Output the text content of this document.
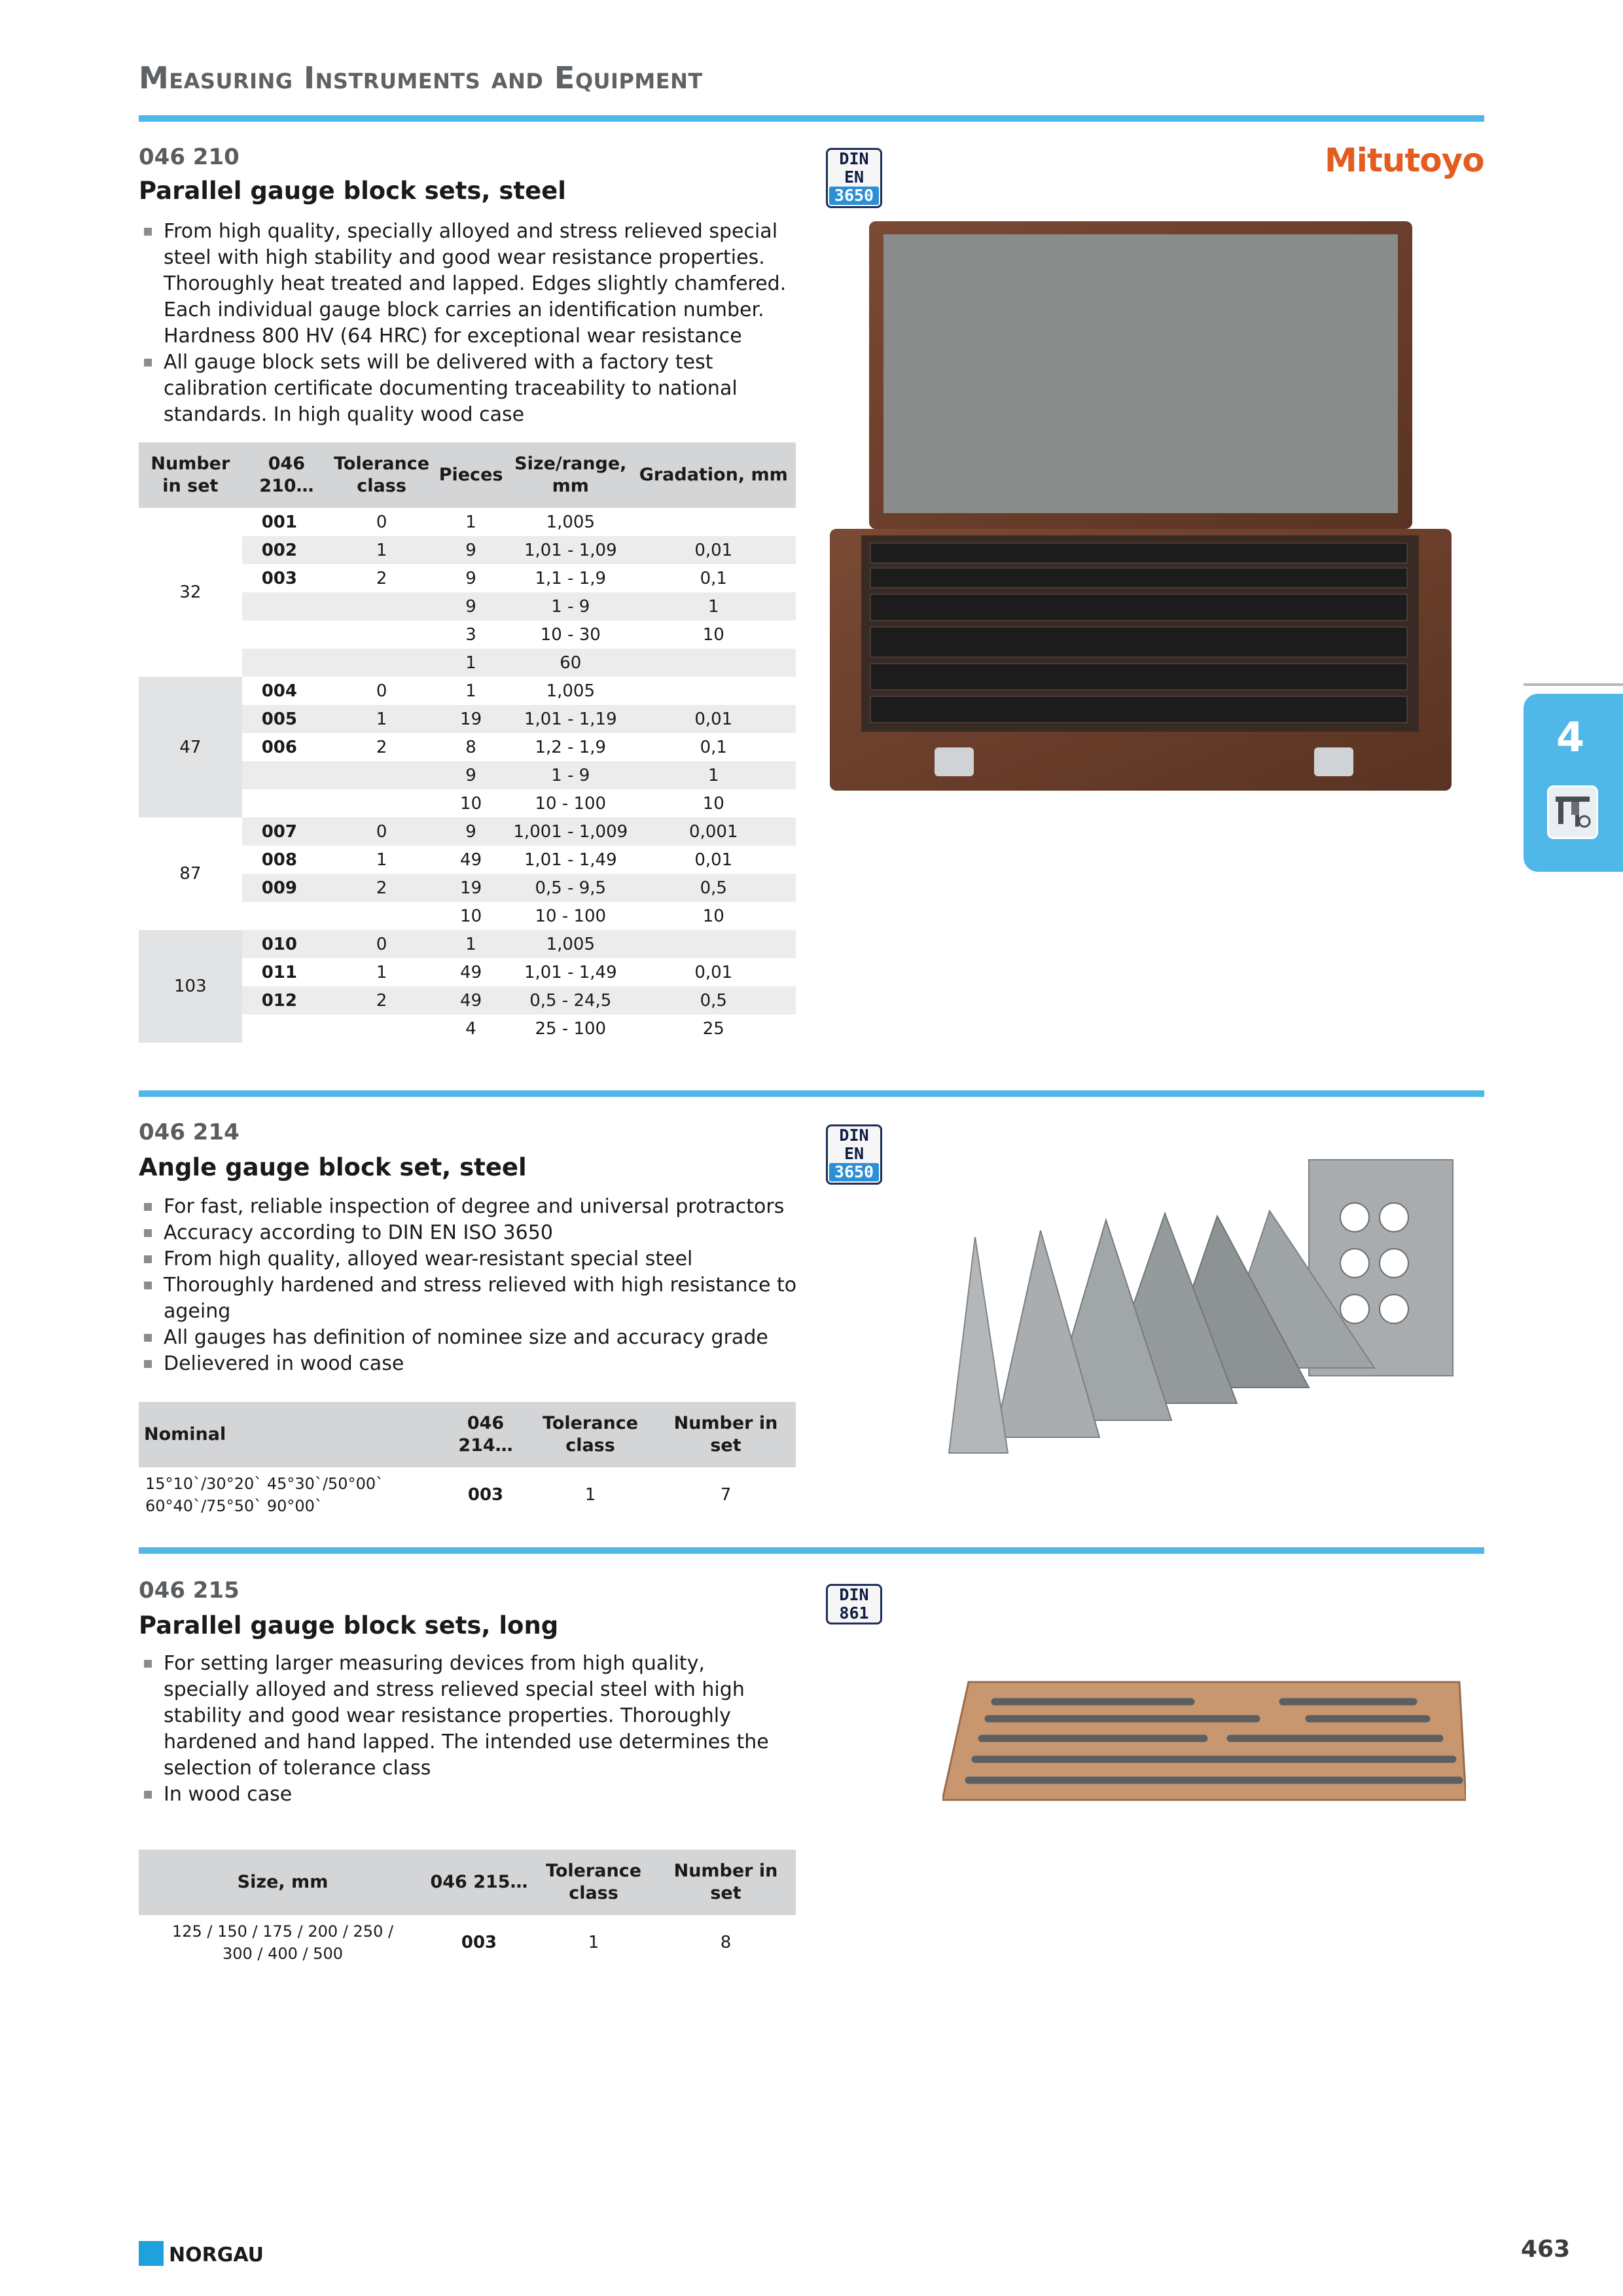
Measuring Instruments and Equipment
4
Mitutoyo
046 210
Parallel gauge block sets, steel
DIN EN
3650
From high quality, specially alloyed and stress relieved special steel with high stability and good wear resistance properties. Thoroughly heat treated and lapped. Edges slightly chamfered. Each individual gauge block carries an identification number. Hardness 800 HV (64 HRC) for exceptional wear resistance
All gauge block sets will be delivered with a factory test calibration certificate documenting traceability to national standards. In high quality wood case
Number in set	046 210…	Tolerance class	Pieces	Size/range, mm	Gradation, mm
32	001	0	1	1,005	
	002	1	9	1,01 - 1,09	0,01
	003	2	9	1,1 - 1,9	0,1
			9	1 - 9	1
			3	10 - 30	10
			1	60	
47	004	0	1	1,005	
	005	1	19	1,01 - 1,19	0,01
	006	2	8	1,2 - 1,9	0,1
			9	1 - 9	1
			10	10 - 100	10
87	007	0	9	1,001 - 1,009	0,001
	008	1	49	1,01 - 1,49	0,01
	009	2	19	0,5 - 9,5	0,5
			10	10 - 100	10
103	010	0	1	1,005	
	011	1	49	1,01 - 1,49	0,01
	012	2	49	0,5 - 24,5	0,5
			4	25 - 100	25
046 214
Angle gauge block set, steel
DIN EN
3650
For fast, reliable inspection of degree and universal protractors
Accuracy according to DIN EN ISO 3650
From high quality, alloyed wear-resistant special steel
Thoroughly hardened and stress relieved with high resistance to ageing
All gauges has definition of nominee size and accuracy grade
Delievered in wood case
Nominal	046 214…	Tolerance class	Number in set

15°10`/30°20` 45°30`/50°00`
60°40`/75°50` 90°00`	003	1	7
046 215
Parallel gauge block sets, long
DIN
861
For setting larger measuring devices from high quality, specially alloyed and stress relieved special steel with high stability and good wear resistance properties. Thoroughly hardened and hand lapped. The intended use determines the selection of tolerance class
In wood case
Size, mm	046 215…	Tolerance class	Number in set

125 / 150 / 175 / 200 / 250 /
300 / 400 / 500	003	1	8
NORGAU	463
